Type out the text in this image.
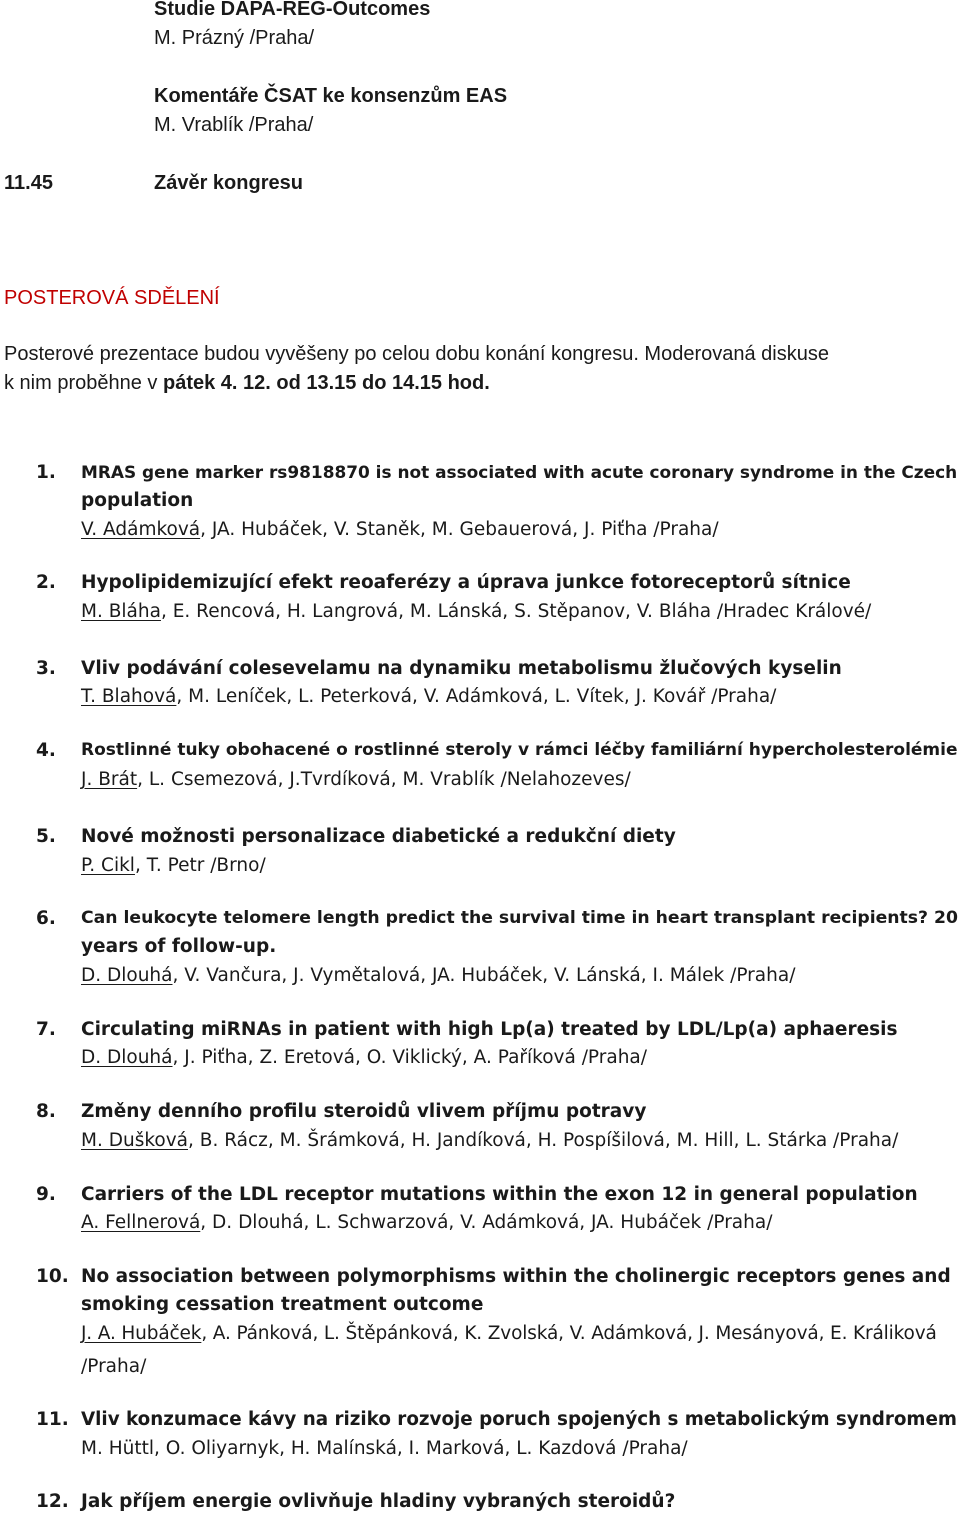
Studie DAPA-REG-Outcomes
M. Prázný /Praha/
Komentáře ČSAT ke konsenzům EAS
M. Vrablík /Praha/
11.45	Závěr kongresu
POSTEROVÁ SDĚLENÍ
Posterové prezentace budou vyvěšeny po celou dobu konání kongresu. Moderovaná diskuse
k nim proběhne v pátek 4. 12. od 13.15 do 14.15 hod.
1. MRAS gene marker rs9818870 is not associated with acute coronary syndrome in the Czech
population
V. Adámková, JA. Hubáček, V. Staněk, M. Gebauerová, J. Piťha /Praha/
2. Hypolipidemizující efekt reoaferézy a úprava junkce fotoreceptorů sítnice
M. Bláha, E. Rencová, H. Langrová, M. Lánská, S. Stěpanov, V. Bláha /Hradec Králové/
3. Vliv podávání colesevelamu na dynamiku metabolismu žlučových kyselin
T. Blahová, M. Leníček, L. Peterková, V. Adámková, L. Vítek, J. Kovář /Praha/
4. Rostlinné tuky obohacené o rostlinné steroly v rámci léčby familiární hypercholesterolémie
J. Brát, L. Csemezová, J.Tvrdíková, M. Vrablík /Nelahozeves/
5. Nové možnosti personalizace diabetické a redukční diety
P. Cikl, T. Petr /Brno/
6. Can leukocyte telomere length predict the survival time in heart transplant recipients? 20
years of follow-up.
D. Dlouhá, V. Vančura, J. Vymětalová, JA. Hubáček, V. Lánská, I. Málek /Praha/
7. Circulating miRNAs in patient with high Lp(a) treated by LDL/Lp(a) aphaeresis
D. Dlouhá, J. Piťha, Z. Eretová, O. Viklický, A. Paříková /Praha/
8. Změny denního profilu steroidů vlivem příjmu potravy
M. Dušková, B. Rácz, M. Šrámková, H. Jandíková, H. Pospíšilová, M. Hill, L. Stárka /Praha/
9. Carriers of the LDL receptor mutations within the exon 12 in general population
A. Fellnerová, D. Dlouhá, L. Schwarzová, V. Adámková, JA. Hubáček /Praha/
10. No association between polymorphisms within the cholinergic receptors genes and
smoking cessation treatment outcome
J. A. Hubáček, A. Pánková, L. Štěpánková, K. Zvolská, V. Adámková, J. Mesányová, E. Králiková
/Praha/
11. Vliv konzumace kávy na riziko rozvoje poruch spojených s metabolickým syndromem
M. Hüttl, O. Oliyarnyk, H. Malínská, I. Marková, L. Kazdová /Praha/
12. Jak příjem energie ovlivňuje hladiny vybraných steroidů?
